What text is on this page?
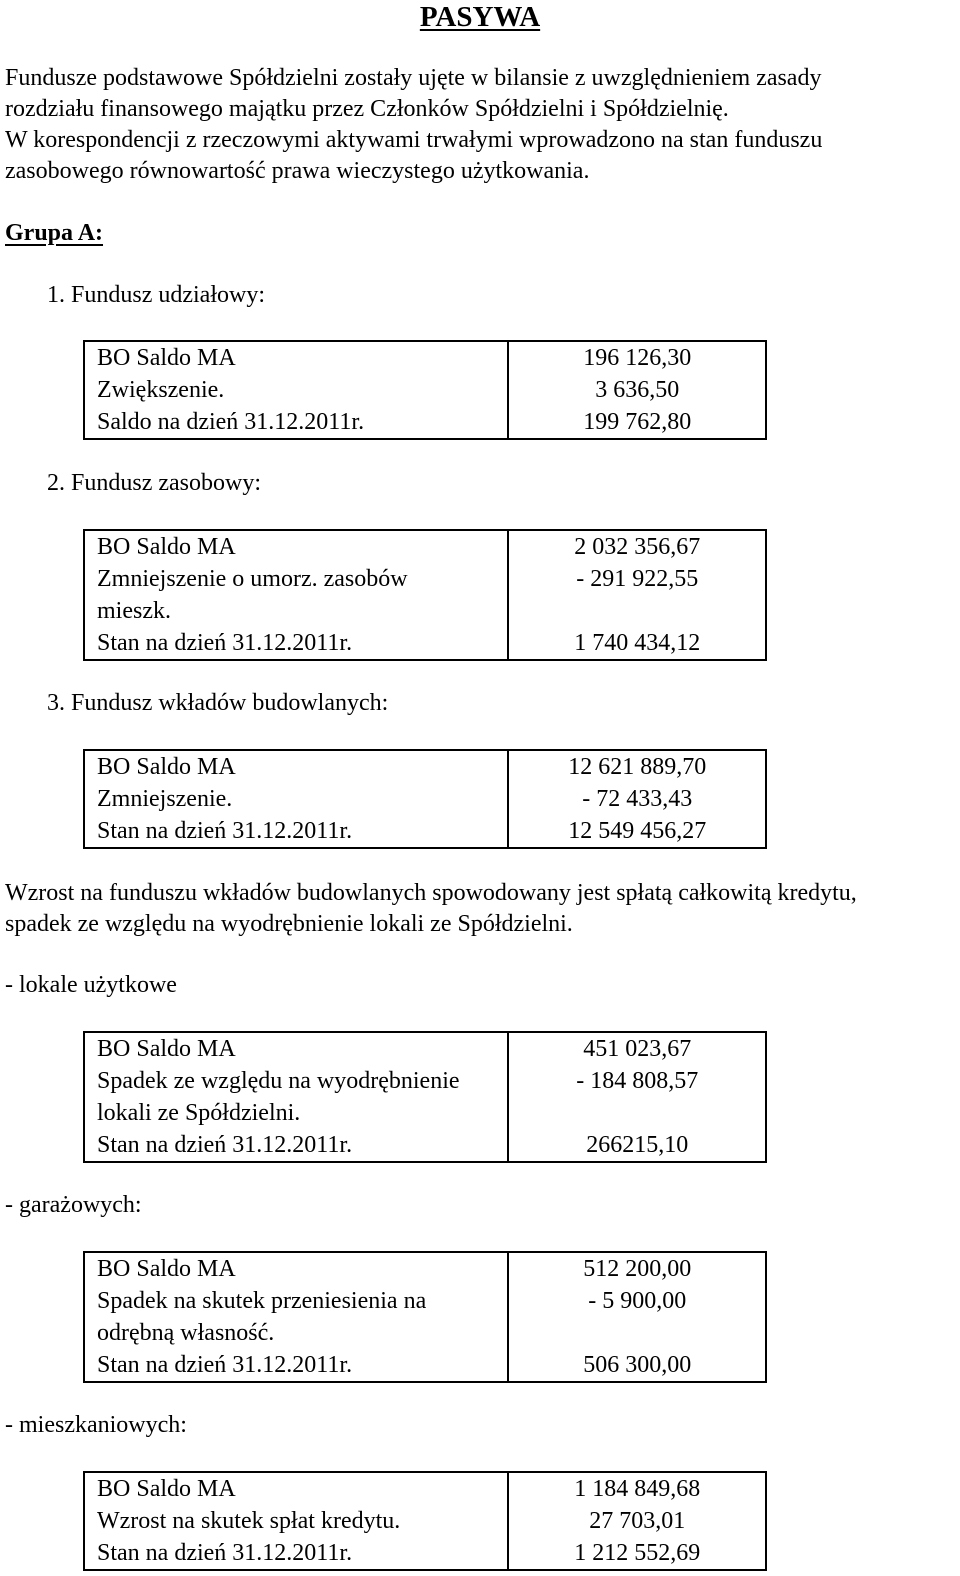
PASYWA
Fundusze podstawowe Spółdzielni zostały ujęte w bilansie z uwzględnieniem zasady
rozdziału finansowego majątku przez Członków Spółdzielni i Spółdzielnię.
W korespondencji z rzeczowymi aktywami trwałymi wprowadzono na stan funduszu
zasobowego równowartość prawa wieczystego użytkowania.
Grupa A:
1. Fundusz udziałowy:
BO Saldo MA	196 126,30
Zwiększenie.	3 636,50
Saldo na dzień 31.12.2011r.	199 762,80
2. Fundusz zasobowy:
BO Saldo MA	2 032 356,67
Zmniejszenie o umorz. zasobów mieszk.	- 291 922,55
Stan na dzień 31.12.2011r.	1 740 434,12
3. Fundusz wkładów budowlanych:
BO Saldo MA	12 621 889,70
Zmniejszenie.	- 72 433,43
Stan na dzień 31.12.2011r.	12 549 456,27
Wzrost na funduszu wkładów budowlanych spowodowany jest spłatą całkowitą kredytu,
spadek ze względu na wyodrębnienie lokali ze Spółdzielni.
- lokale użytkowe
BO Saldo MA	451 023,67
Spadek ze względu na wyodrębnienie lokali ze Spółdzielni.	- 184 808,57
Stan na dzień 31.12.2011r.	266215,10
- garażowych:
BO Saldo MA	512 200,00
Spadek na skutek przeniesienia na odrębną własność.	- 5 900,00
Stan na dzień 31.12.2011r.	506 300,00
- mieszkaniowych:
BO Saldo MA	1 184 849,68
Wzrost na skutek spłat kredytu.	27 703,01
Stan na dzień 31.12.2011r.	1 212 552,69
